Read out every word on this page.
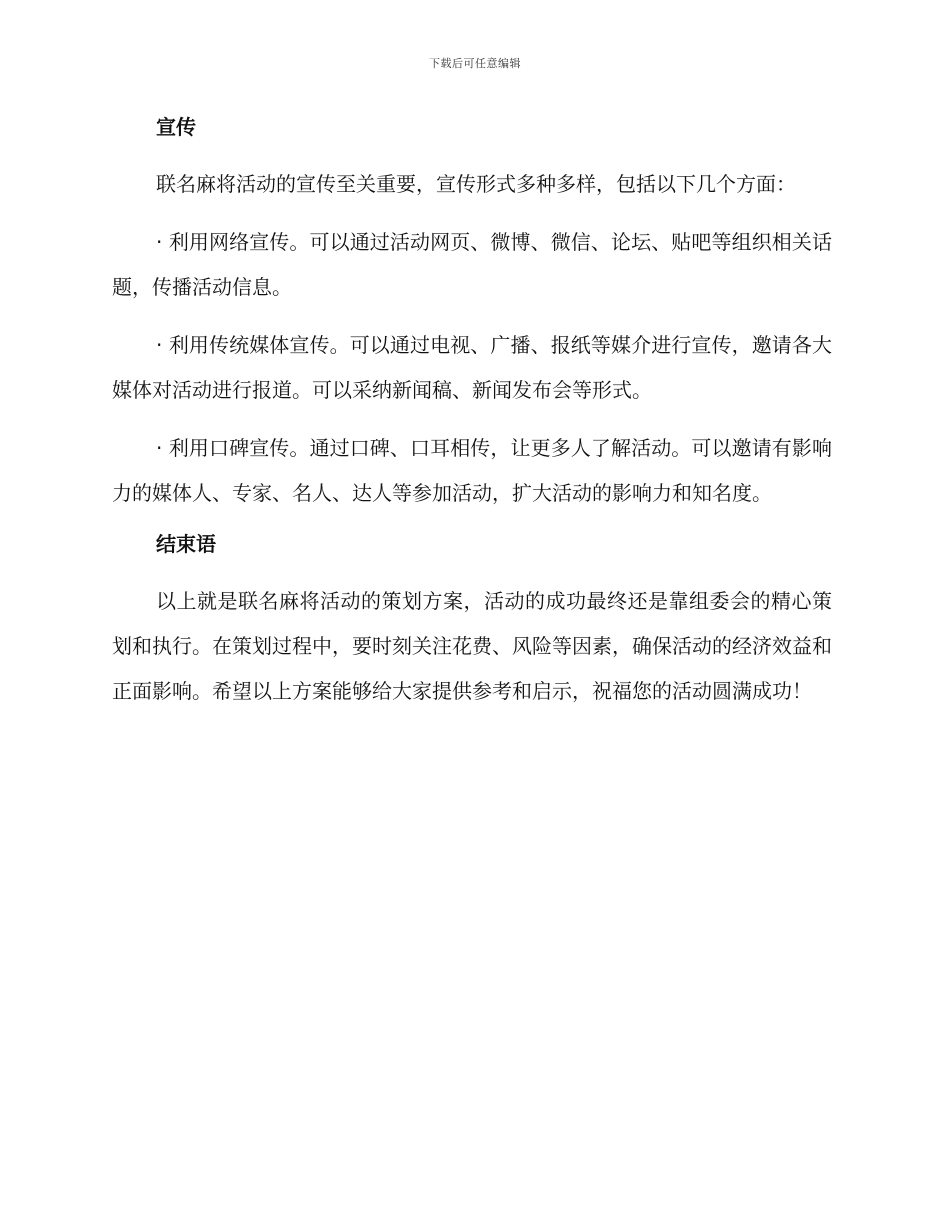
下载后可任意编辑
宣传

联名麻将活动的宣传至关重要，宣传形式多种多样，包括以下几个方面：

· 利用网络宣传。可以通过活动网页、微博、微信、论坛、贴吧等组织相关话题，传播活动信息。

· 利用传统媒体宣传。可以通过电视、广播、报纸等媒介进行宣传，邀请各大媒体对活动进行报道。可以采纳新闻稿、新闻发布会等形式。

· 利用口碑宣传。通过口碑、口耳相传，让更多人了解活动。可以邀请有影响力的媒体人、专家、名人、达人等参加活动，扩大活动的影响力和知名度。

结束语

以上就是联名麻将活动的策划方案，活动的成功最终还是靠组委会的精心策划和执行。在策划过程中，要时刻关注花费、风险等因素，确保活动的经济效益和正面影响。希望以上方案能够给大家提供参考和启示，祝福您的活动圆满成功！
